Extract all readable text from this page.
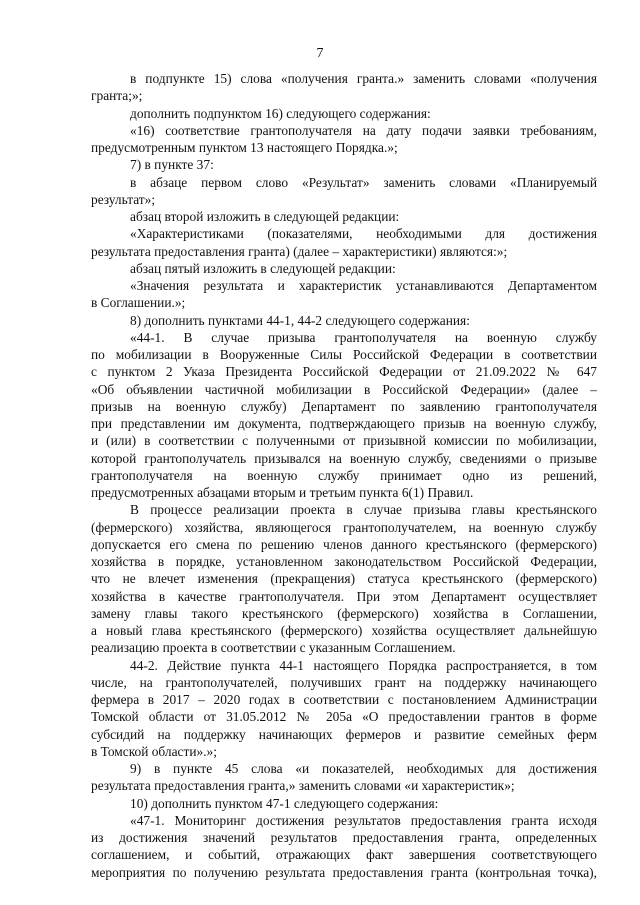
7
в подпункте 15) слова «получения гранта.» заменить словами «получения
гранта;»;
дополнить подпунктом 16) следующего содержания:
«16) соответствие грантополучателя на дату подачи заявки требованиям,
предусмотренным пунктом 13 настоящего Порядка.»;
7) в пункте 37:
в абзаце первом слово «Результат» заменить словами «Планируемый
результат»;
абзац второй изложить в следующей редакции:
«Характеристиками (показателями, необходимыми для достижения
результата предоставления гранта) (далее – характеристики) являются:»;
абзац пятый изложить в следующей редакции:
«Значения результата и характеристик устанавливаются Департаментом
в Соглашении.»;
8) дополнить пунктами 44-1, 44-2 следующего содержания:
«44-1. В случае призыва грантополучателя на военную службу
по мобилизации в Вооруженные Силы Российской Федерации в соответствии
с пунктом 2 Указа Президента Российской Федерации от 21.09.2022 № 647
«Об объявлении частичной мобилизации в Российской Федерации» (далее –
призыв на военную службу) Департамент по заявлению грантополучателя
при представлении им документа, подтверждающего призыв на военную службу,
и (или) в соответствии с полученными от призывной комиссии по мобилизации,
которой грантополучатель призывался на военную службу, сведениями о призыве
грантополучателя на военную службу принимает одно из решений,
предусмотренных абзацами вторым и третьим пункта 6(1) Правил.
В процессе реализации проекта в случае призыва главы крестьянского
(фермерского) хозяйства, являющегося грантополучателем, на военную службу
допускается его смена по решению членов данного крестьянского (фермерского)
хозяйства в порядке, установленном законодательством Российской Федерации,
что не влечет изменения (прекращения) статуса крестьянского (фермерского)
хозяйства в качестве грантополучателя. При этом Департамент осуществляет
замену главы такого крестьянского (фермерского) хозяйства в Соглашении,
а новый глава крестьянского (фермерского) хозяйства осуществляет дальнейшую
реализацию проекта в соответствии с указанным Соглашением.
44-2. Действие пункта 44-1 настоящего Порядка распространяется, в том
числе, на грантополучателей, получивших грант на поддержку начинающего
фермера в 2017 – 2020 годах в соответствии с постановлением Администрации
Томской области от 31.05.2012 № 205а «О предоставлении грантов в форме
субсидий на поддержку начинающих фермеров и развитие семейных ферм
в Томской области».»;
9) в пункте 45 слова «и показателей, необходимых для достижения
результата предоставления гранта,» заменить словами «и характеристик»;
10) дополнить пунктом 47-1 следующего содержания:
«47-1. Мониторинг достижения результатов предоставления гранта исходя
из достижения значений результатов предоставления гранта, определенных
соглашением, и событий, отражающих факт завершения соответствующего
мероприятия по получению результата предоставления гранта (контрольная точка),
